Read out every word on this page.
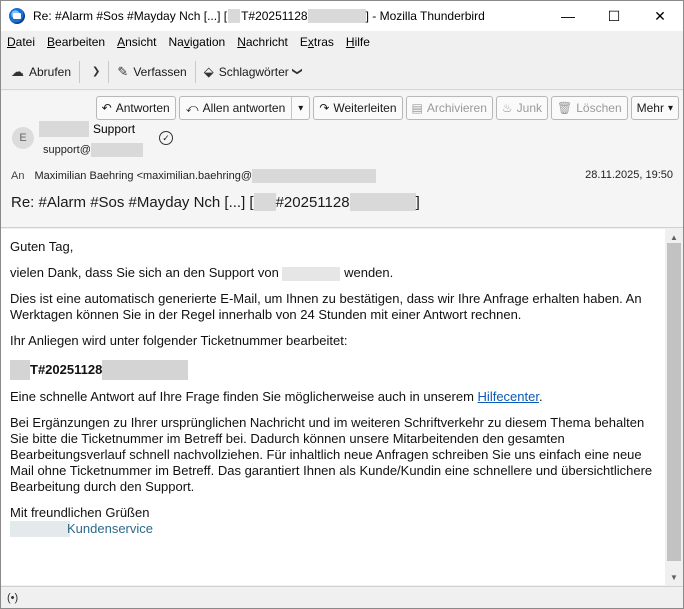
Re: #Alarm #Sos #Mayday Nch [...] [ T#20251128	] - Mozilla Thunderbird	—	☐	✕
Datei Bearbeiten Ansicht Navigation Nachricht Extras Hilfe
☁ Abrufen ❯ ✎ Verfassen ⬙ Schlagwörter ❯
↶ Antworten ⤺ Allen antworten	▾	↷ Weiterleiten ▤ Archivieren ♨ Junk 🗑 Löschen Mehr ▾
E
Support
✓
support@
An Maximilian Baehring <maximilian.baehring@	28.11.2025, 19:50
Re: #Alarm #Sos #Mayday Nch [...] [ #20251128	]

Guten Tag,

vielen Dank, dass Sie sich an den Support von	wenden.

Dies ist eine automatisch generierte E-Mail, um Ihnen zu bestätigen, dass wir Ihre Anfrage erhalten haben. An Werktagen können Sie in der Regel innerhalb von 24 Stunden mit einer Antwort rechnen.

Ihr Anliegen wird unter folgender Ticketnummer bearbeitet:

T#20251128

Eine schnelle Antwort auf Ihre Frage finden Sie möglicherweise auch in unserem Hilfecenter.

Bei Ergänzungen zu Ihrer ursprünglichen Nachricht und im weiteren Schriftverkehr zu diesem Thema behalten Sie bitte die Ticketnummer im Betreff bei. Dadurch können unsere Mitarbeitenden den gesamten Bearbeitungsverlauf schnell nachvollziehen. Für inhaltlich neue Anfragen schreiben Sie uns einfach eine neue Mail ohne Ticketnummer im Betreff. Das garantiert Ihnen als Kunde/Kundin eine schnellere und übersichtlichere Bearbeitung durch den Support.

Mit freundlichen Grüßen
Kundenservice
▲
▼
(•)
